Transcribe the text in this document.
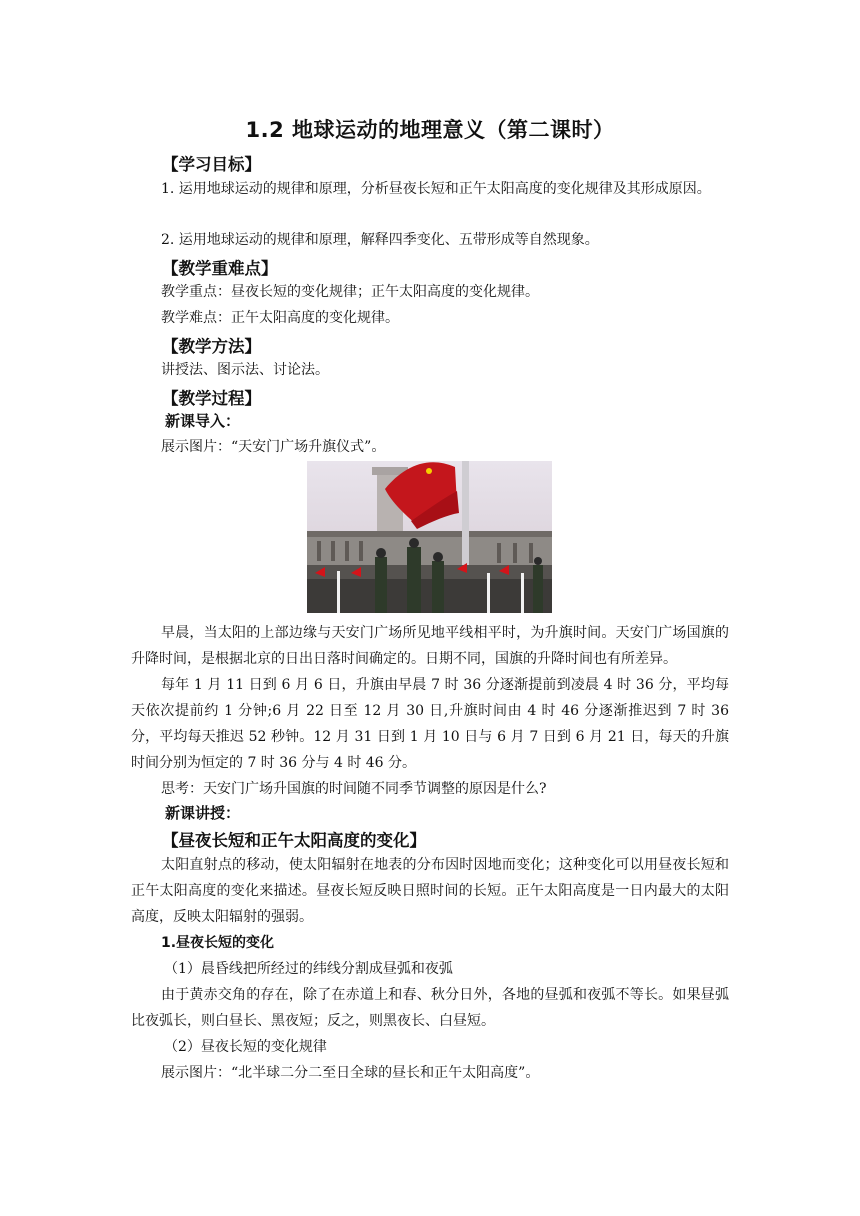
1.2 地球运动的地理意义（第二课时）
【学习目标】
1. 运用地球运动的规律和原理，分析昼夜长短和正午太阳高度的变化规律及其形成原因。
2. 运用地球运动的规律和原理，解释四季变化、五带形成等自然现象。
【教学重难点】
教学重点：昼夜长短的变化规律；正午太阳高度的变化规律。
教学难点：正午太阳高度的变化规律。
【教学方法】
讲授法、图示法、讨论法。
【教学过程】
新课导入：
展示图片：“天安门广场升旗仪式”。
早晨，当太阳的上部边缘与天安门广场所见地平线相平时，为升旗时间。天安门广场国旗的升降时间，是根据北京的日出日落时间确定的。日期不同，国旗的升降时间也有所差异。
每年 1 月 11 日到 6 月 6 日，升旗由早晨 7 时 36 分逐渐提前到凌晨 4 时 36 分，平均每天依次提前约 1 分钟;6 月 22 日至 12 月 30 日,升旗时间由 4 时 46 分逐渐推迟到 7 时 36 分，平均每天推迟 52 秒钟。12 月 31 日到 1 月 10 日与 6 月 7 日到 6 月 21 日，每天的升旗时间分别为恒定的 7 时 36 分与 4 时 46 分。
思考：天安门广场升国旗的时间随不同季节调整的原因是什么?
新课讲授：
【昼夜长短和正午太阳高度的变化】
太阳直射点的移动，使太阳辐射在地表的分布因时因地而变化；这种变化可以用昼夜长短和正午太阳高度的变化来描述。昼夜长短反映日照时间的长短。正午太阳高度是一日内最大的太阳高度，反映太阳辐射的强弱。
1.昼夜长短的变化
（1）晨昏线把所经过的纬线分割成昼弧和夜弧
由于黄赤交角的存在，除了在赤道上和春、秋分日外，各地的昼弧和夜弧不等长。如果昼弧比夜弧长，则白昼长、黑夜短；反之，则黑夜长、白昼短。
（2）昼夜长短的变化规律
展示图片：“北半球二分二至日全球的昼长和正午太阳高度”。
